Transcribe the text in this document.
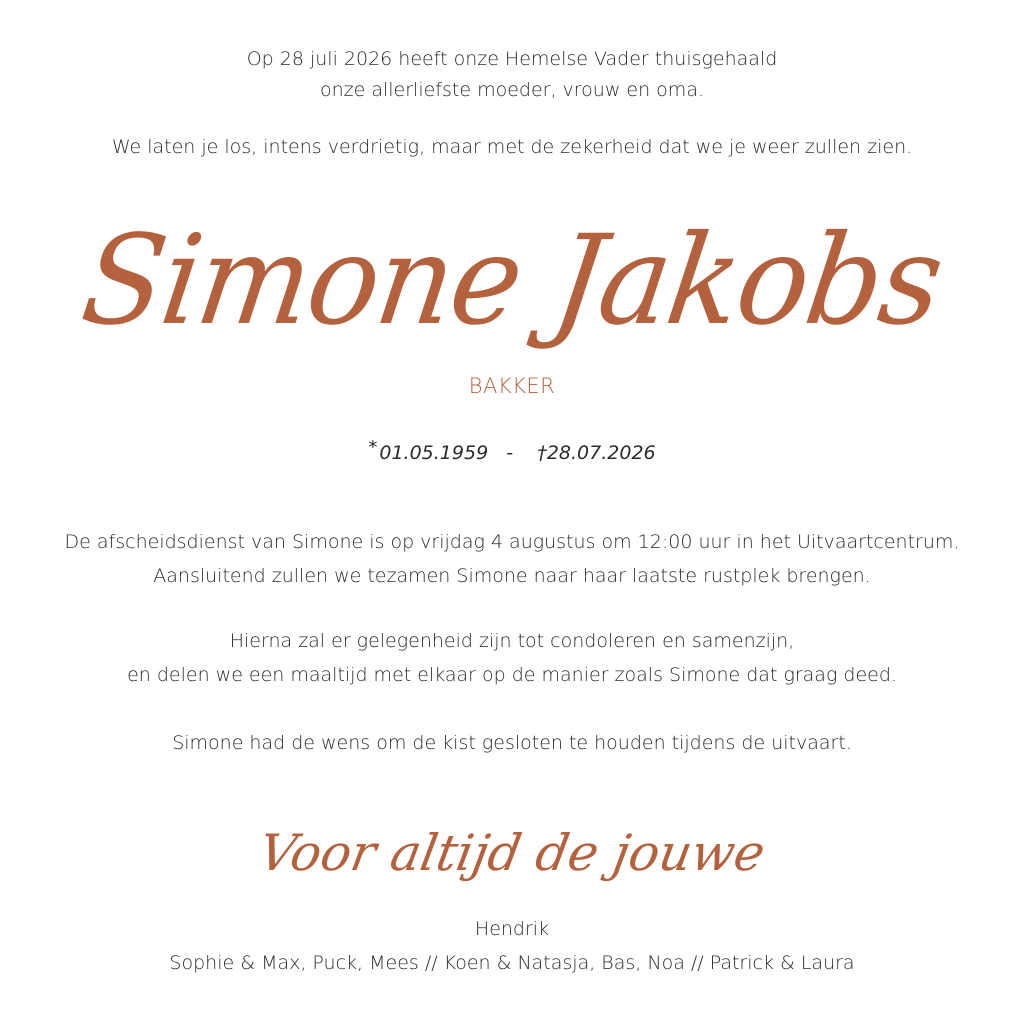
Op 28 juli 2026 heeft onze Hemelse Vader thuisgehaald
onze allerliefste moeder, vrouw en oma.
We laten je los, intens verdrietig, maar met de zekerheid dat we je weer zullen zien.
Simone Jakobs
BAKKER
* 01.05.1959 - †28.07.2026
De afscheidsdienst van Simone is op vrijdag 4 augustus om 12:00 uur in het Uitvaartcentrum.
Aansluitend zullen we tezamen Simone naar haar laatste rustplek brengen.
Hierna zal er gelegenheid zijn tot condoleren en samenzijn,
en delen we een maaltijd met elkaar op de manier zoals Simone dat graag deed.
Simone had de wens om de kist gesloten te houden tijdens de uitvaart.
Voor altijd de jouwe
Hendrik
Sophie & Max, Puck, Mees // Koen & Natasja, Bas, Noa // Patrick & Laura
